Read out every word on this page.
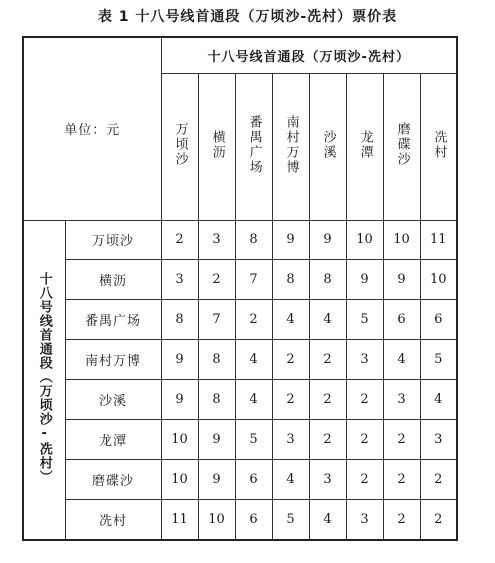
表 1 十八号线首通段（万顷沙-冼村）票价表
单位：元		十八号线首通段（万顷沙-冼村）							
		万顷沙	横沥	番禺广场	南村万博	沙溪	龙潭	磨碟沙	冼村
十八号线首通段（万顷沙-冼村）	万顷沙	2	3	8	9	9	10	10	11
	横沥	3	2	7	8	8	9	9	10
	番禺广场	8	7	2	4	4	5	6	6
	南村万博	9	8	4	2	2	3	4	5
	沙溪	9	8	4	2	2	2	3	4
	龙潭	10	9	5	3	2	2	2	3
	磨碟沙	10	9	6	4	3	2	2	2
	冼村	11	10	6	5	4	3	2	2
